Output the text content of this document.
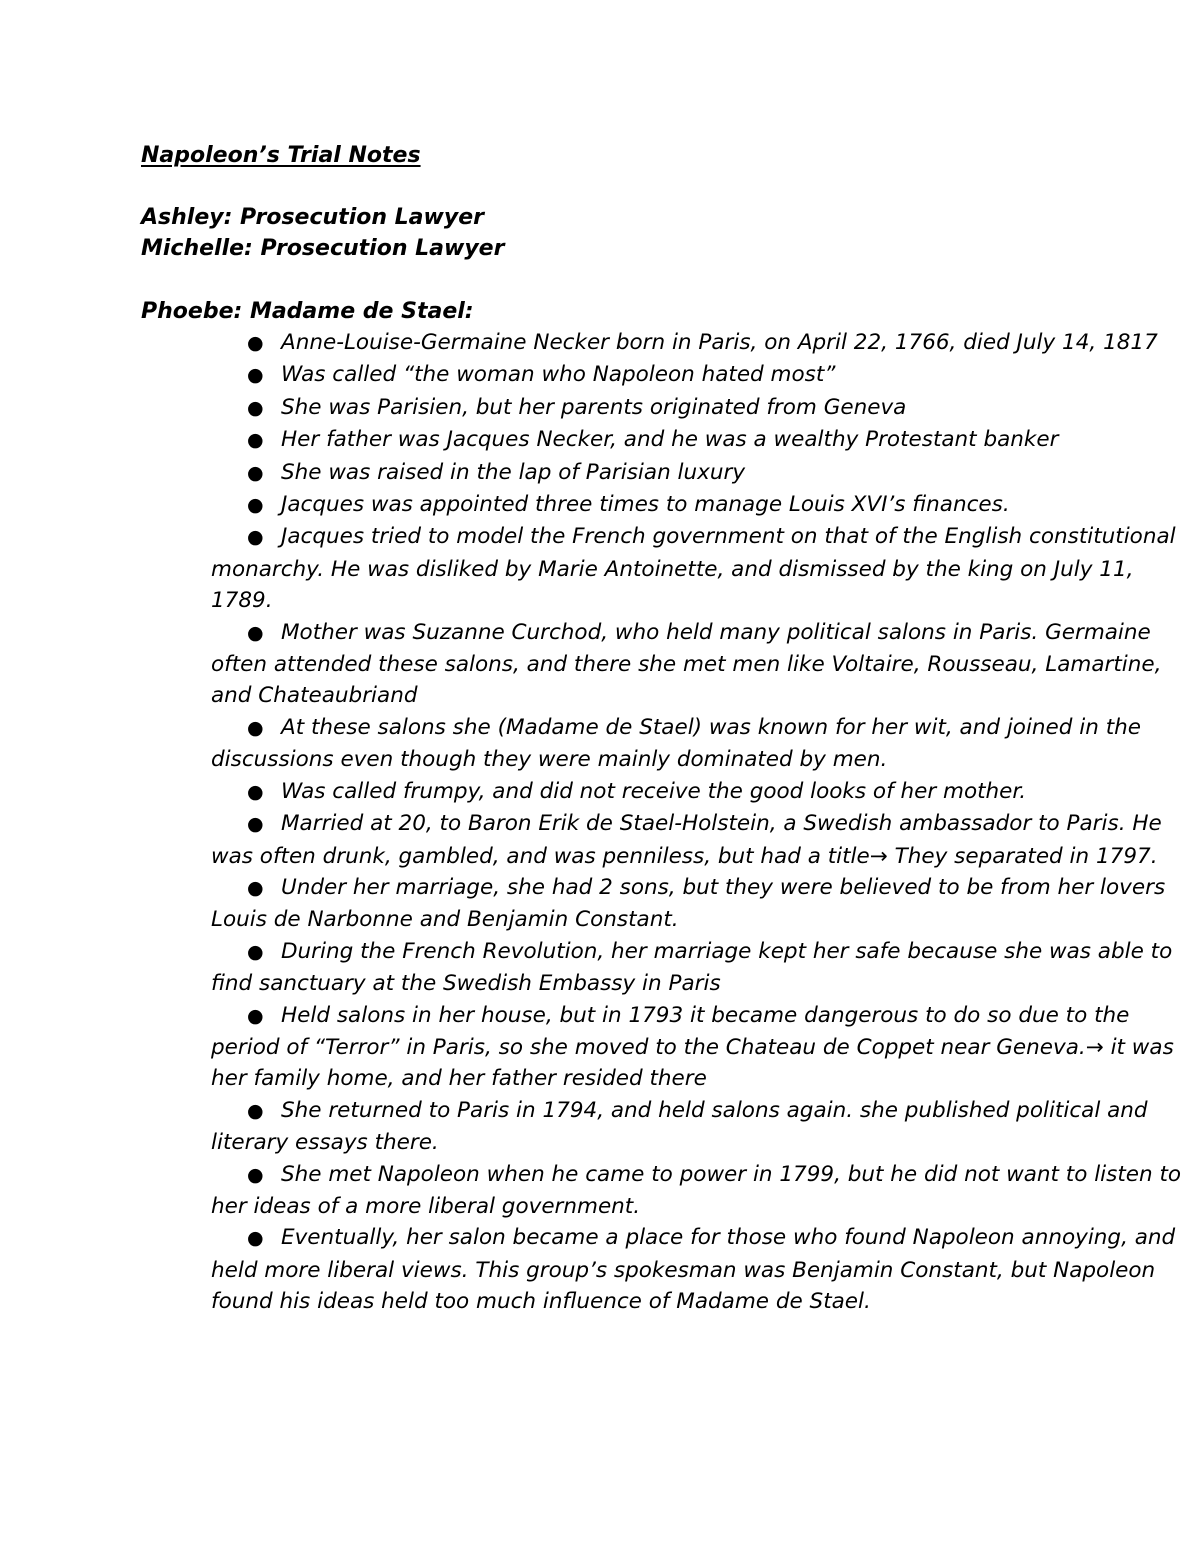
Napoleon’s Trial Notes
Ashley: Prosecution Lawyer
Michelle: Prosecution Lawyer
Phoebe: Madame de Stael:
● Anne-Louise-Germaine Necker born in Paris, on April 22, 1766, died July 14, 1817
● Was called “the woman who Napoleon hated most”
● She was Parisien, but her parents originated from Geneva
● Her father was Jacques Necker, and he was a wealthy Protestant banker
● She was raised in the lap of Parisian luxury
● Jacques was appointed three times to manage Louis XVI’s finances.
● Jacques tried to model the French government on that of the English constitutional monarchy. He was disliked by Marie Antoinette, and dismissed by the king on July 11, 1789.
● Mother was Suzanne Curchod, who held many political salons in Paris. Germaine often attended these salons, and there she met men like Voltaire, Rousseau, Lamartine, and Chateaubriand
● At these salons she (Madame de Stael) was known for her wit, and joined in the discussions even though they were mainly dominated by men.
● Was called frumpy, and did not receive the good looks of her mother.
● Married at 20, to Baron Erik de Stael-Holstein, a Swedish ambassador to Paris. He was often drunk, gambled, and was penniless, but had a title→ They separated in 1797.
● Under her marriage, she had 2 sons, but they were believed to be from her lovers Louis de Narbonne and Benjamin Constant.
● During the French Revolution, her marriage kept her safe because she was able to find sanctuary at the Swedish Embassy in Paris
● Held salons in her house, but in 1793 it became dangerous to do so due to the period of “Terror” in Paris, so she moved to the Chateau de Coppet near Geneva.→ it was her family home, and her father resided there
● She returned to Paris in 1794, and held salons again. she published political and literary essays there.
● She met Napoleon when he came to power in 1799, but he did not want to listen to her ideas of a more liberal government.
● Eventually, her salon became a place for those who found Napoleon annoying, and held more liberal views. This group’s spokesman was Benjamin Constant, but Napoleon found his ideas held too much influence of Madame de Stael.
